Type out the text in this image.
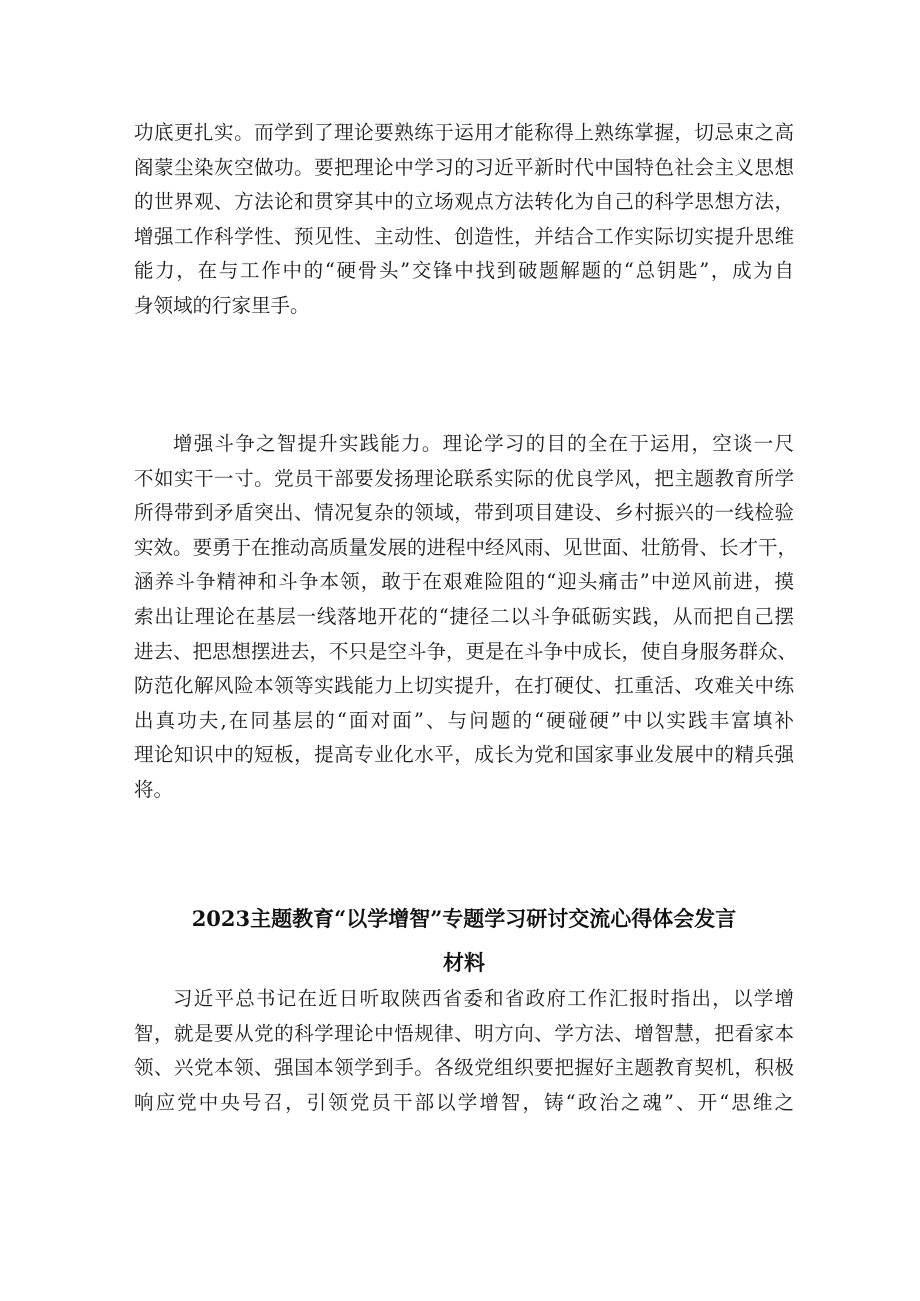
功底更扎实。而学到了理论要熟练于运用才能称得上熟练掌握，切忌束之高
阁蒙尘染灰空做功。要把理论中学习的习近平新时代中国特色社会主义思想
的世界观、方法论和贯穿其中的立场观点方法转化为自己的科学思想方法，
增强工作科学性、预见性、主动性、创造性，并结合工作实际切实提升思维
能力，在与工作中的“硬骨头”交锋中找到破题解题的“总钥匙”，成为自
身领域的行家里手。
增强斗争之智提升实践能力。理论学习的目的全在于运用，空谈一尺
不如实干一寸。党员干部要发扬理论联系实际的优良学风，把主题教育所学
所得带到矛盾突出、情况复杂的领域，带到项目建设、乡村振兴的一线检验
实效。要勇于在推动高质量发展的进程中经风雨、见世面、壮筋骨、长才干，
涵养斗争精神和斗争本领，敢于在艰难险阻的“迎头痛击”中逆风前进，摸
索出让理论在基层一线落地开花的“捷径二以斗争砥砺实践，从而把自己摆
进去、把思想摆进去，不只是空斗争，更是在斗争中成长，使自身服务群众、
防范化解风险本领等实践能力上切实提升，在打硬仗、扛重活、攻难关中练
出真功夫,在同基层的“面对面”、与问题的“硬碰硬”中以实践丰富填补
理论知识中的短板，提高专业化水平，成长为党和国家事业发展中的精兵强
将。
2023主题教育“以学增智”专题学习研讨交流心得体会发言
材料
习近平总书记在近日听取陕西省委和省政府工作汇报时指出，以学增
智，就是要从党的科学理论中悟规律、明方向、学方法、增智慧，把看家本
领、兴党本领、强国本领学到手。各级党组织要把握好主题教育契机，积极
响应党中央号召，引领党员干部以学增智，铸“政治之魂”、开“思维之
